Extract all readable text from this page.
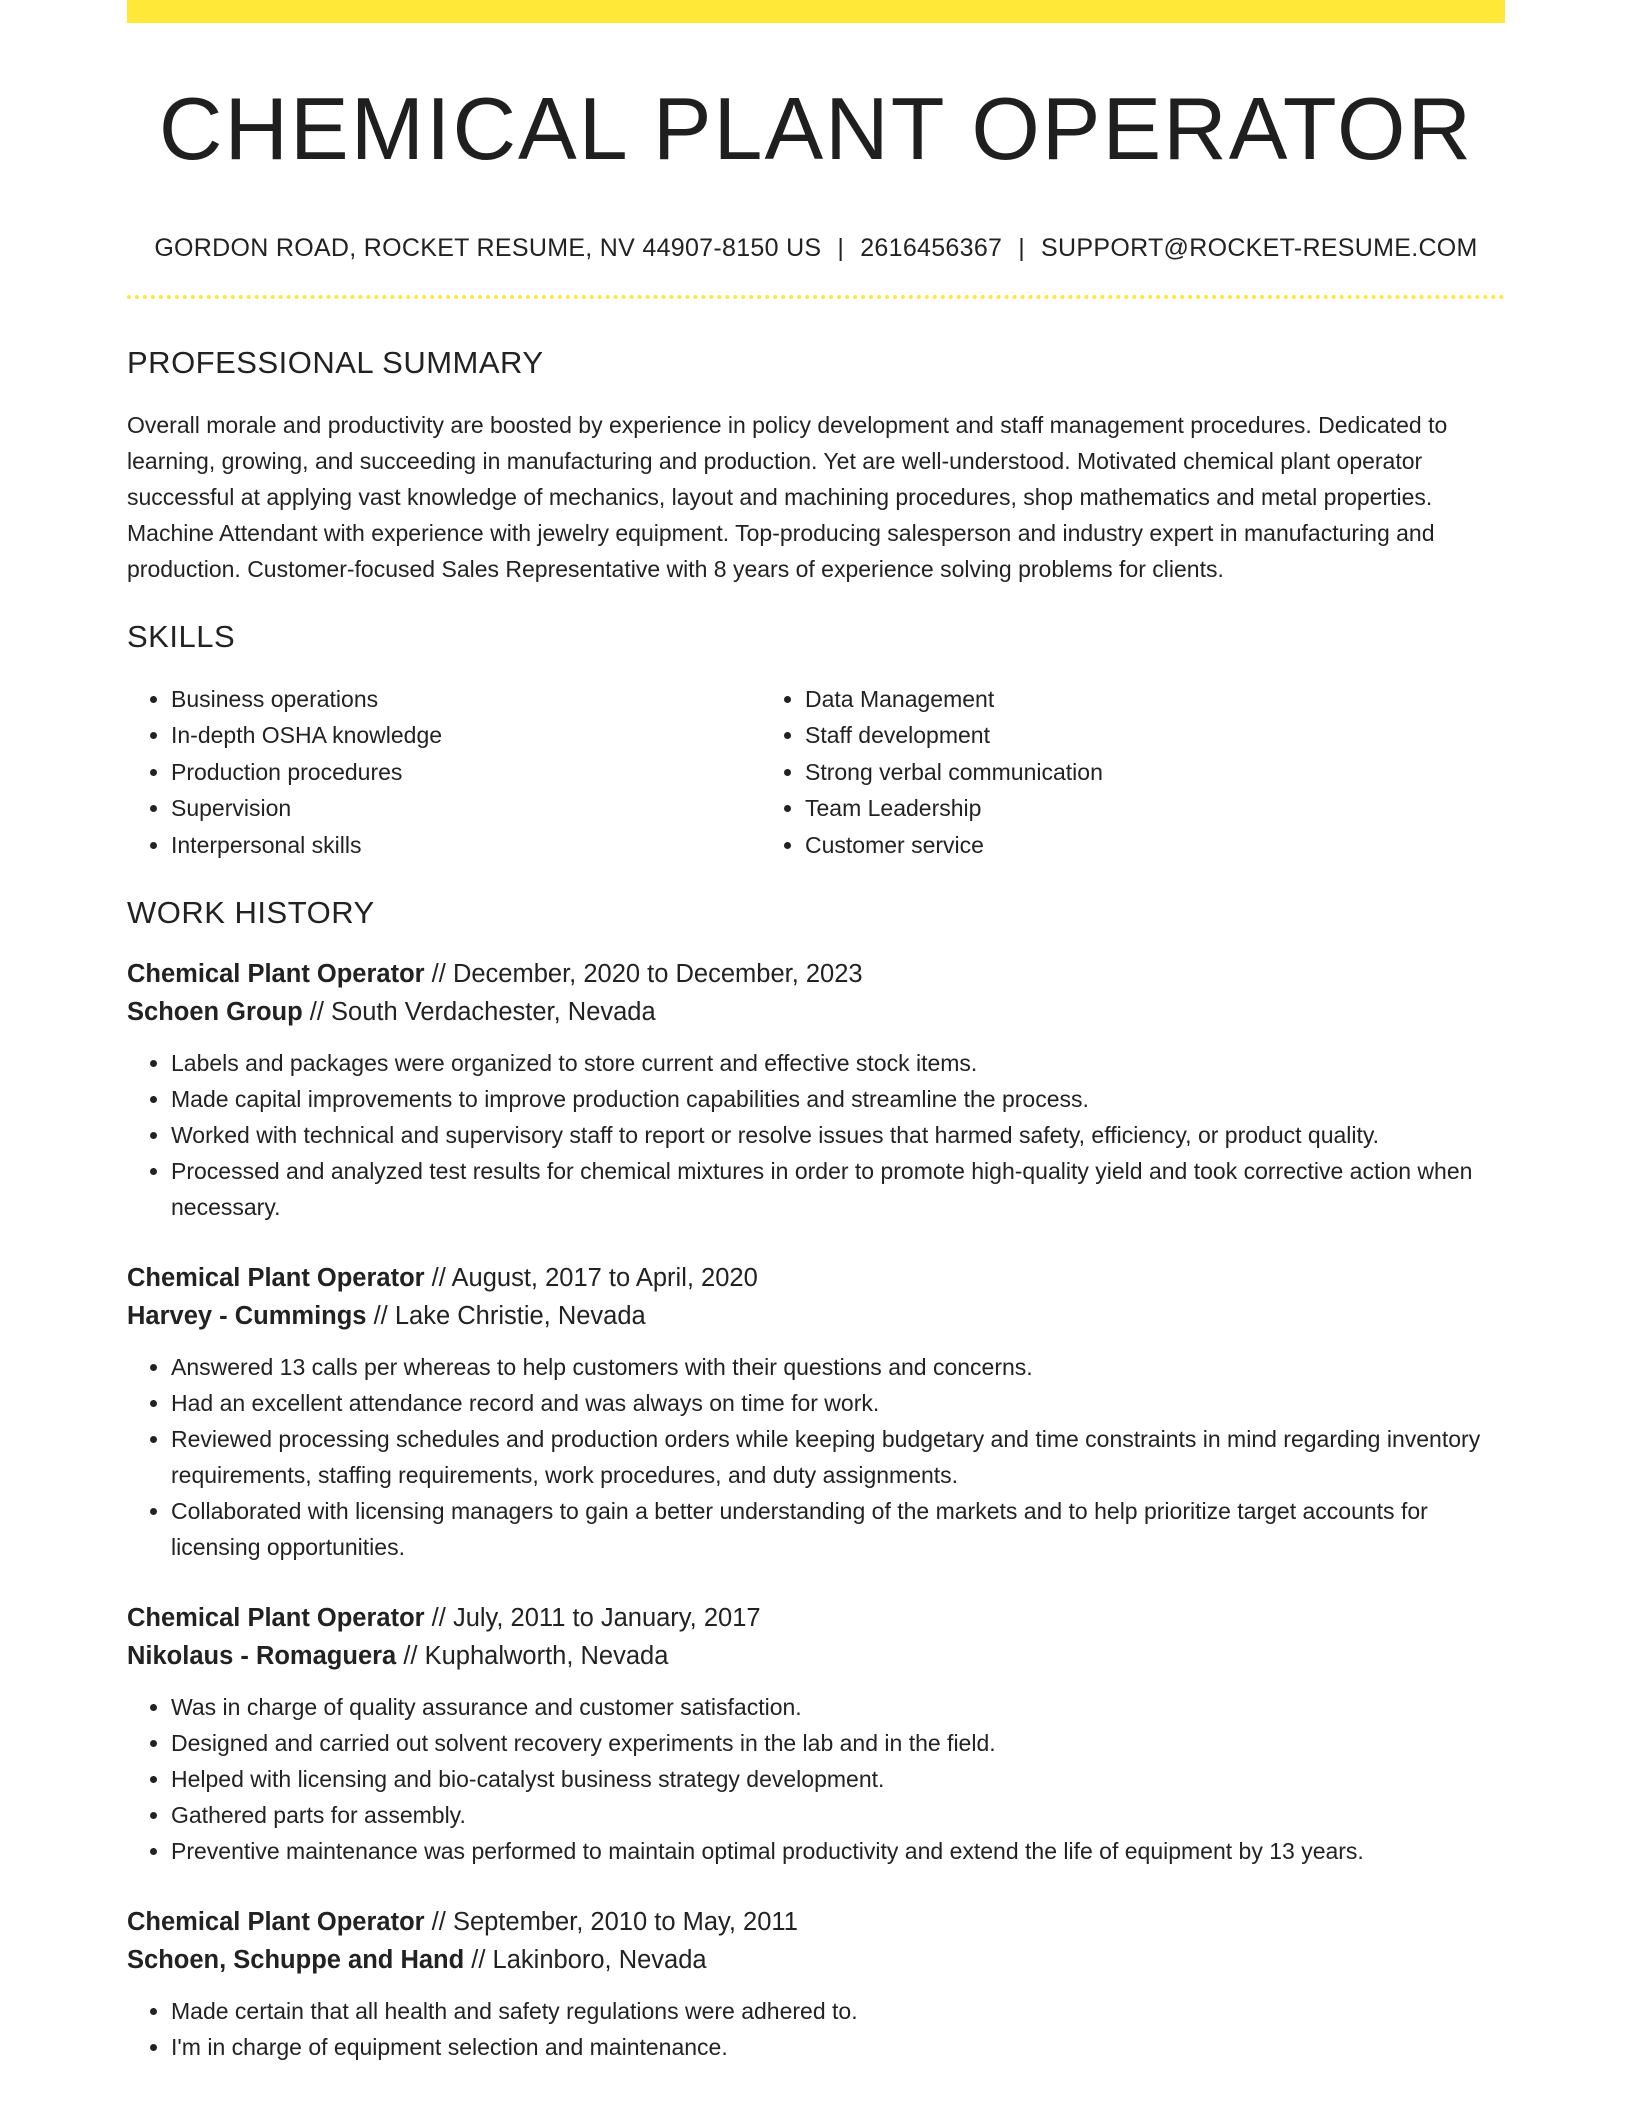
CHEMICAL PLANT OPERATOR
GORDON ROAD, ROCKET RESUME, NV 44907-8150 US | 2616456367 | SUPPORT@ROCKET-RESUME.COM
PROFESSIONAL SUMMARY
Overall morale and productivity are boosted by experience in policy development and staff management procedures. Dedicated to learning, growing, and succeeding in manufacturing and production. Yet are well-understood. Motivated chemical plant operator successful at applying vast knowledge of mechanics, layout and machining procedures, shop mathematics and metal properties. Machine Attendant with experience with jewelry equipment. Top-producing salesperson and industry expert in manufacturing and production. Customer-focused Sales Representative with 8 years of experience solving problems for clients.
SKILLS
• Business operations
• In-depth OSHA knowledge
• Production procedures
• Supervision
• Interpersonal skills
• Data Management
• Staff development
• Strong verbal communication
• Team Leadership
• Customer service
WORK HISTORY
Chemical Plant Operator // December, 2020 to December, 2023
Schoen Group // South Verdachester, Nevada
• Labels and packages were organized to store current and effective stock items.
• Made capital improvements to improve production capabilities and streamline the process.
• Worked with technical and supervisory staff to report or resolve issues that harmed safety, efficiency, or product quality.
• Processed and analyzed test results for chemical mixtures in order to promote high-quality yield and took corrective action when necessary.
Chemical Plant Operator // August, 2017 to April, 2020
Harvey - Cummings // Lake Christie, Nevada
• Answered 13 calls per whereas to help customers with their questions and concerns.
• Had an excellent attendance record and was always on time for work.
• Reviewed processing schedules and production orders while keeping budgetary and time constraints in mind regarding inventory requirements, staffing requirements, work procedures, and duty assignments.
• Collaborated with licensing managers to gain a better understanding of the markets and to help prioritize target accounts for licensing opportunities.
Chemical Plant Operator // July, 2011 to January, 2017
Nikolaus - Romaguera // Kuphalworth, Nevada
• Was in charge of quality assurance and customer satisfaction.
• Designed and carried out solvent recovery experiments in the lab and in the field.
• Helped with licensing and bio-catalyst business strategy development.
• Gathered parts for assembly.
• Preventive maintenance was performed to maintain optimal productivity and extend the life of equipment by 13 years.
Chemical Plant Operator // September, 2010 to May, 2011
Schoen, Schuppe and Hand // Lakinboro, Nevada
• Made certain that all health and safety regulations were adhered to.
• I'm in charge of equipment selection and maintenance.
